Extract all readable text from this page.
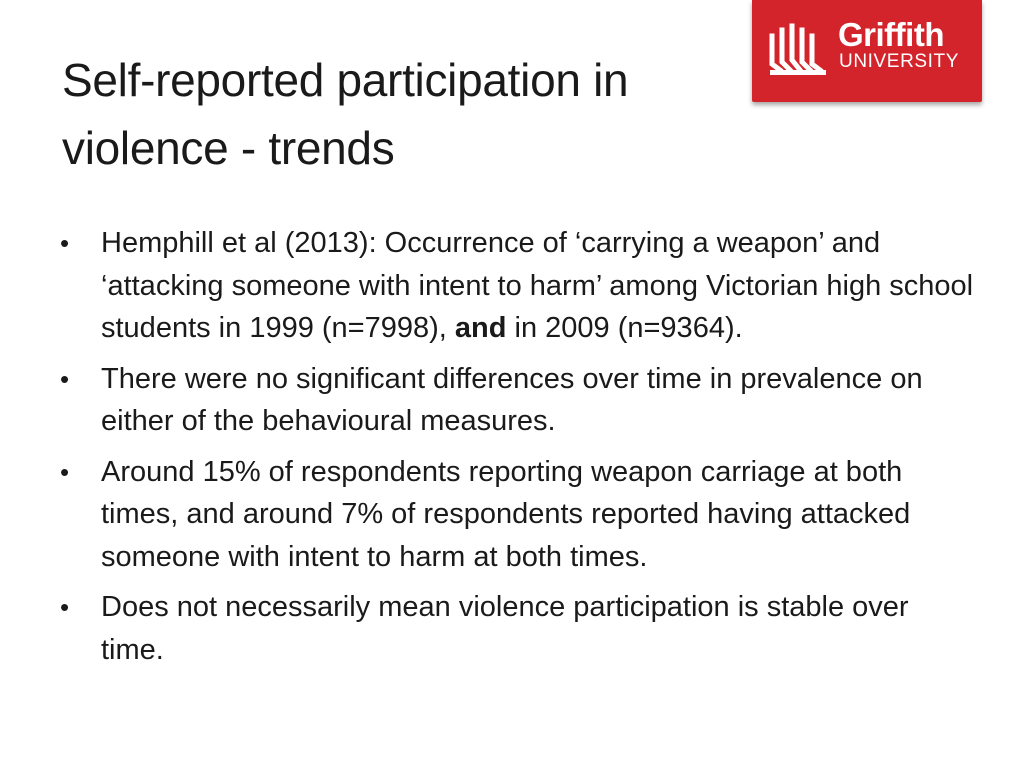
Self-reported participation in
violence - trends
Griffith
UNIVERSITY
• Hemphill et al (2013): Occurrence of ‘carrying a weapon’ and ‘attacking someone with intent to harm’ among Victorian high school students in 1999 (n=7998), and in 2009 (n=9364).
• There were no significant differences over time in prevalence on either of the behavioural measures.
• Around 15% of respondents reporting weapon carriage at both times, and around 7% of respondents reported having attacked someone with intent to harm at both times.
• Does not necessarily mean violence participation is stable over time.
